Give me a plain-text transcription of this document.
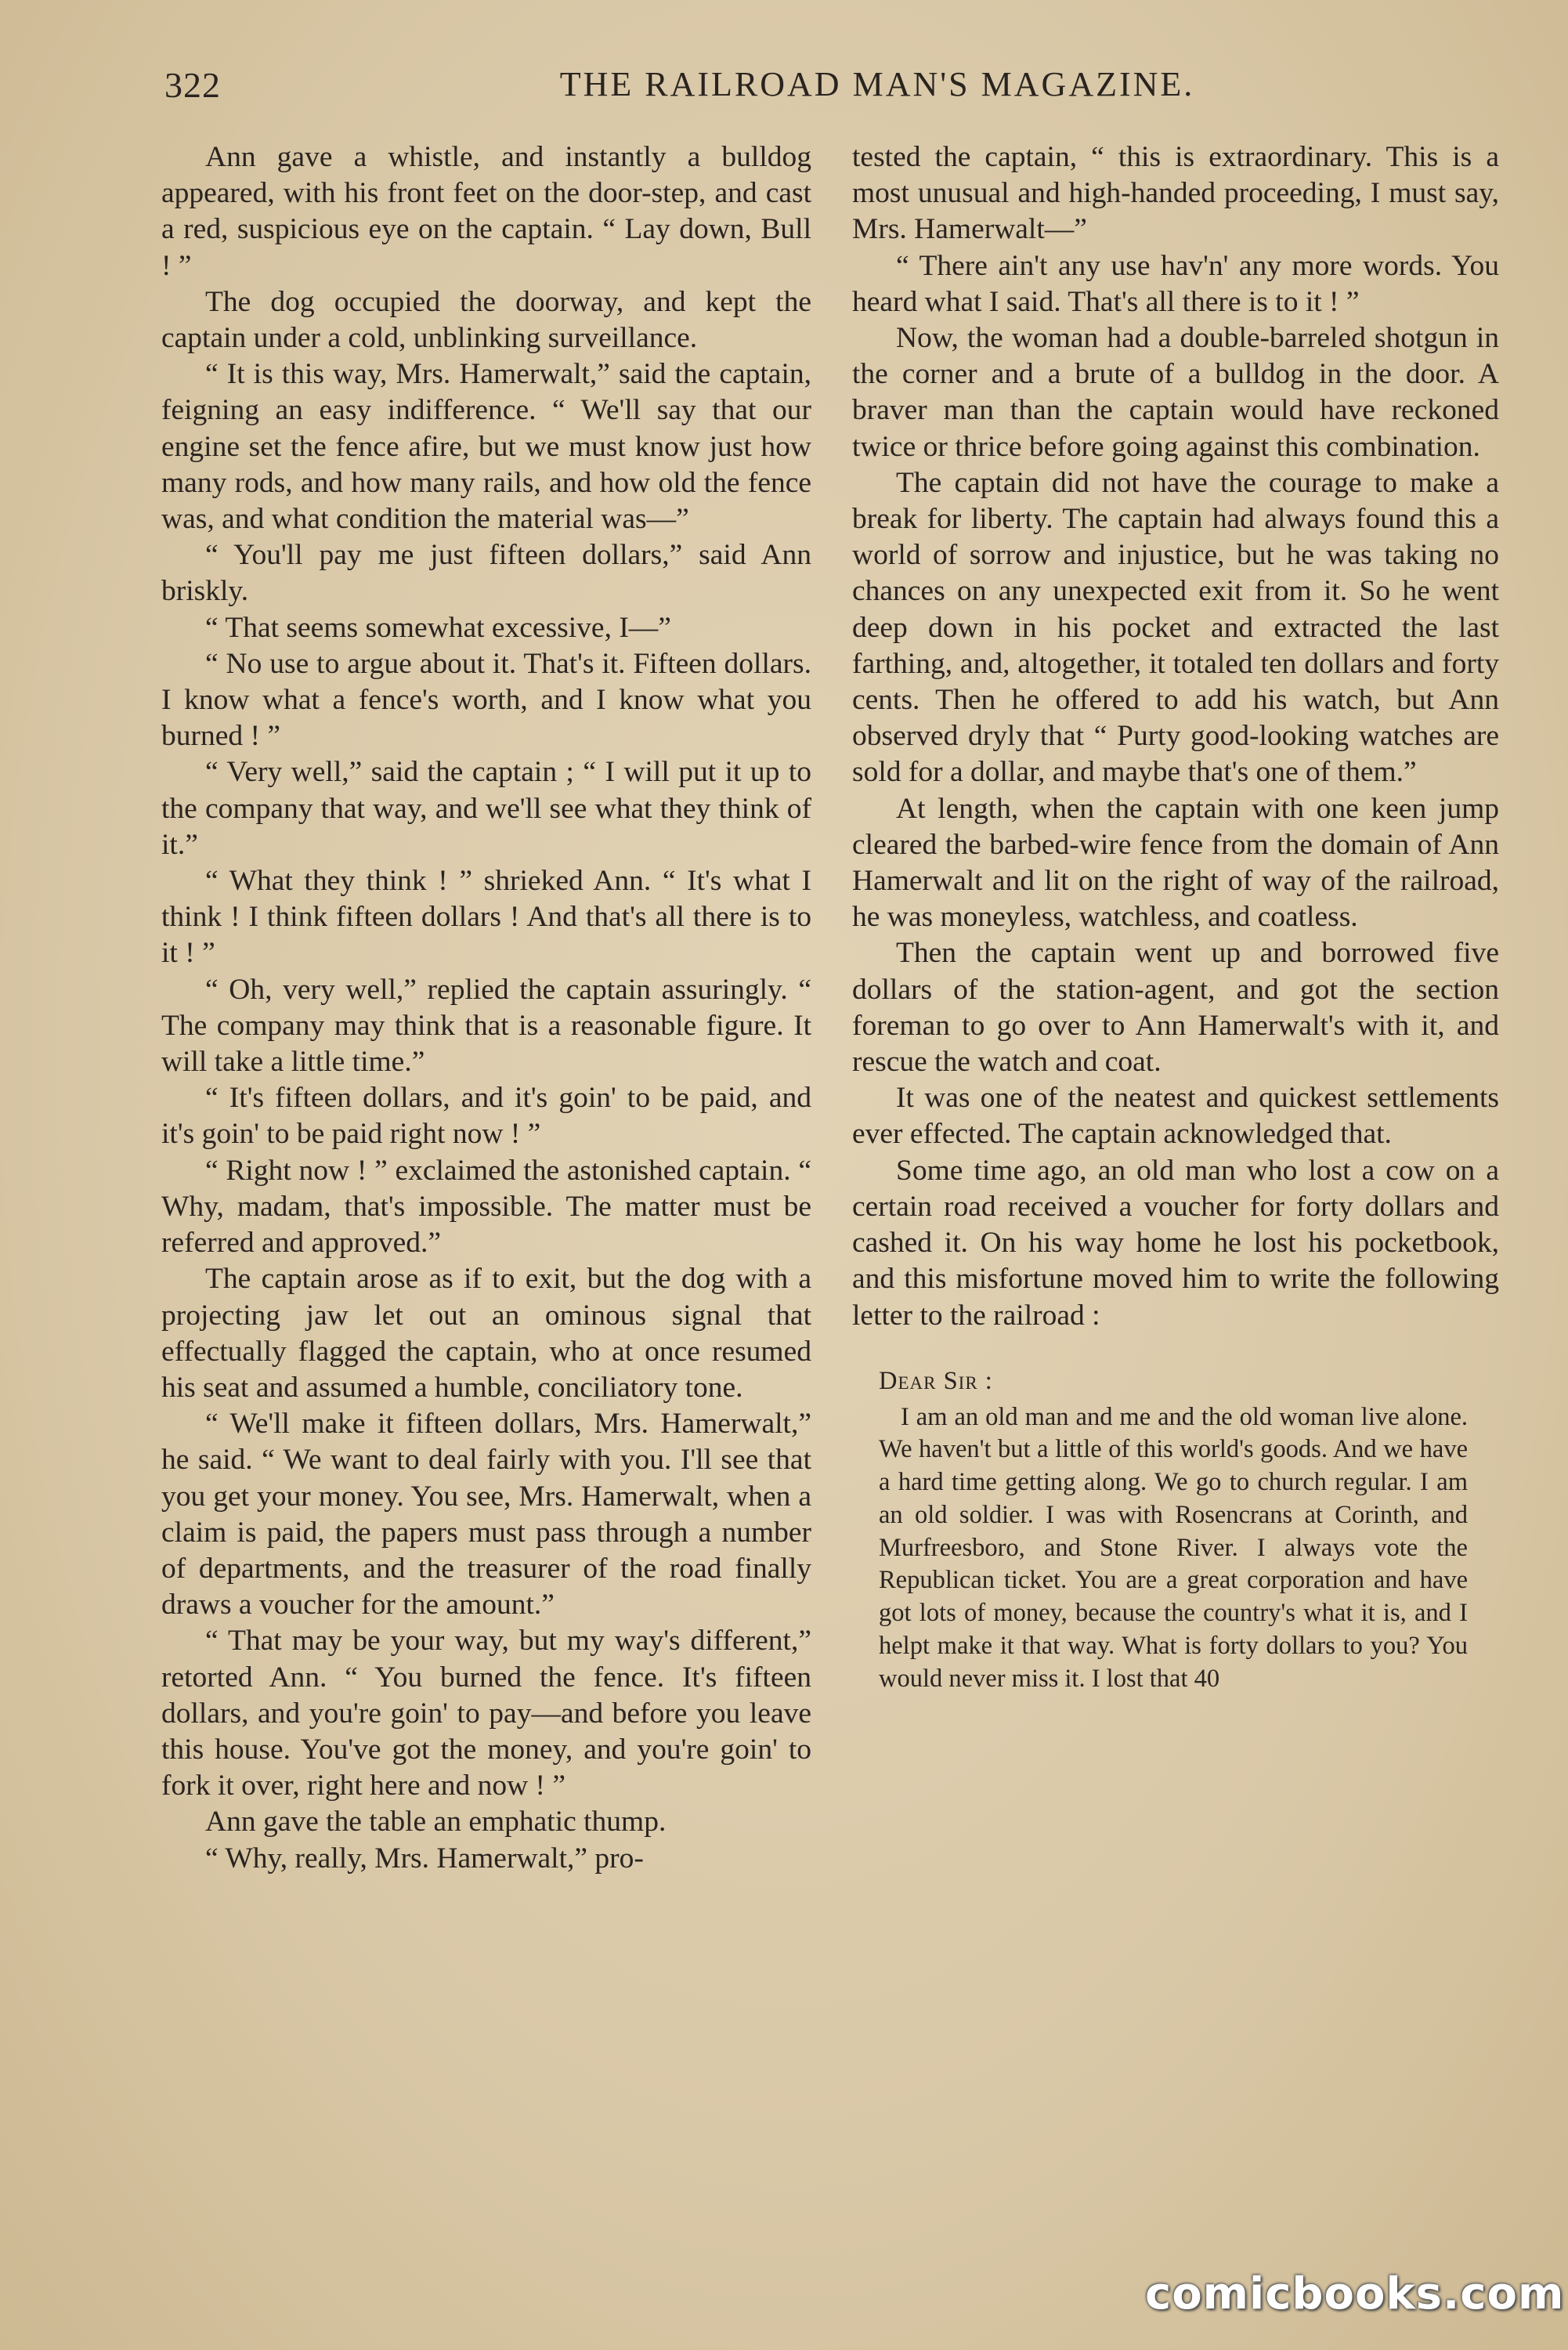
322	THE RAILROAD MAN'S MAGAZINE.

Ann gave a whistle, and instantly a bulldog appeared, with his front feet on the door-step, and cast a red, suspicious eye on the captain. “ Lay down, Bull ! ”

The dog occupied the doorway, and kept the captain under a cold, unblinking surveillance.

“ It is this way, Mrs. Hamerwalt,” said the captain, feigning an easy indifference. “ We'll say that our engine set the fence afire, but we must know just how many rods, and how many rails, and how old the fence was, and what condition the material was—”

“ You'll pay me just fifteen dollars,” said Ann briskly.

“ That seems somewhat excessive, I—”

“ No use to argue about it. That's it. Fifteen dollars. I know what a fence's worth, and I know what you burned ! ”

“ Very well,” said the captain ; “ I will put it up to the company that way, and we'll see what they think of it.”

“ What they think ! ” shrieked Ann. “ It's what I think ! I think fifteen dollars ! And that's all there is to it ! ”

“ Oh, very well,” replied the captain assuringly. “ The company may think that is a reasonable figure. It will take a little time.”

“ It's fifteen dollars, and it's goin' to be paid, and it's goin' to be paid right now ! ”

“ Right now ! ” exclaimed the astonished captain. “ Why, madam, that's impossible. The matter must be referred and approved.”

The captain arose as if to exit, but the dog with a projecting jaw let out an ominous signal that effectually flagged the captain, who at once resumed his seat and assumed a humble, conciliatory tone.

“ We'll make it fifteen dollars, Mrs. Hamerwalt,” he said. “ We want to deal fairly with you. I'll see that you get your money. You see, Mrs. Hamerwalt, when a claim is paid, the papers must pass through a number of departments, and the treasurer of the road finally draws a voucher for the amount.”

“ That may be your way, but my way's different,” retorted Ann. “ You burned the fence. It's fifteen dollars, and you're goin' to pay—and before you leave this house. You've got the money, and you're goin' to fork it over, right here and now ! ”

Ann gave the table an emphatic thump.

“ Why, really, Mrs. Hamerwalt,” pro-

tested the captain, “ this is extraordinary. This is a most unusual and high-handed proceeding, I must say, Mrs. Hamerwalt—”

“ There ain't any use hav'n' any more words. You heard what I said. That's all there is to it ! ”

Now, the woman had a double-barreled shotgun in the corner and a brute of a bulldog in the door. A braver man than the captain would have reckoned twice or thrice before going against this combination.

The captain did not have the courage to make a break for liberty. The captain had always found this a world of sorrow and injustice, but he was taking no chances on any unexpected exit from it. So he went deep down in his pocket and extracted the last farthing, and, altogether, it totaled ten dollars and forty cents. Then he offered to add his watch, but Ann observed dryly that “ Purty good-looking watches are sold for a dollar, and maybe that's one of them.”

At length, when the captain with one keen jump cleared the barbed-wire fence from the domain of Ann Hamerwalt and lit on the right of way of the railroad, he was moneyless, watchless, and coatless.

Then the captain went up and borrowed five dollars of the station-agent, and got the section foreman to go over to Ann Hamerwalt's with it, and rescue the watch and coat.

It was one of the neatest and quickest settlements ever effected. The captain acknowledged that.

Some time ago, an old man who lost a cow on a certain road received a voucher for forty dollars and cashed it. On his way home he lost his pocketbook, and this misfortune moved him to write the following letter to the railroad :

Dear Sir :

I am an old man and me and the old woman live alone. We haven't but a little of this world's goods. And we have a hard time getting along. We go to church regular. I am an old soldier. I was with Rosencrans at Corinth, and Murfreesboro, and Stone River. I always vote the Republican ticket. You are a great corporation and have got lots of money, because the country's what it is, and I helpt make it that way. What is forty dollars to you? You would never miss it. I lost that 40

comicbooks.com
